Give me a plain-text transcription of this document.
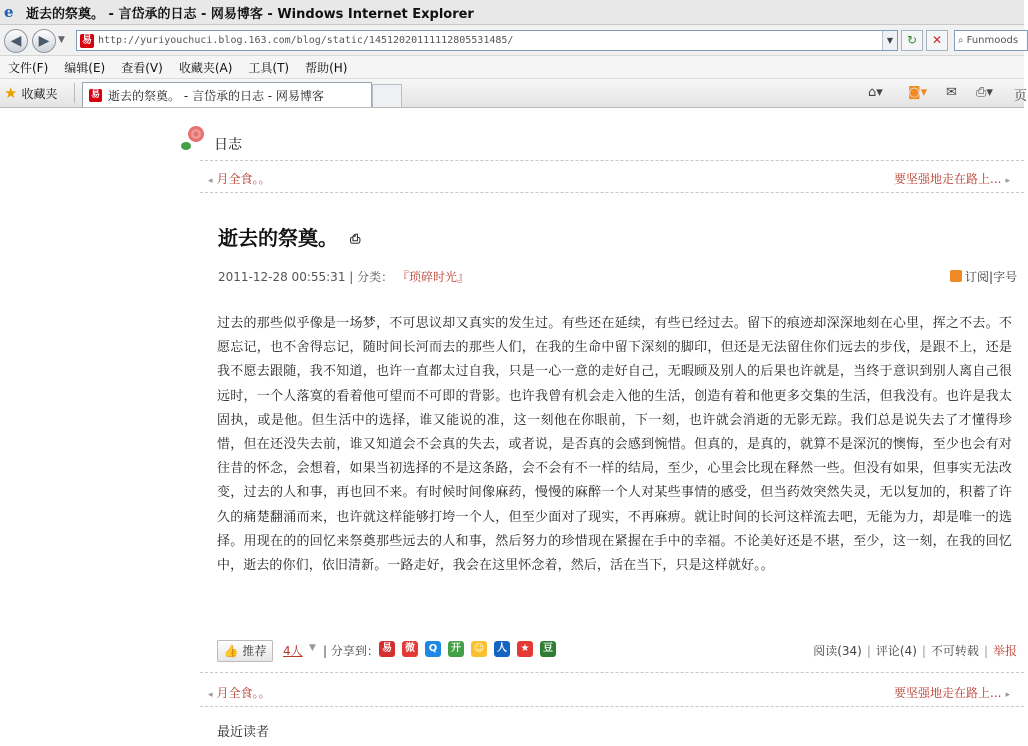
e 逝去的祭奠。 - 言岱承的日志 - 网易博客 - Windows Internet Explorer
◀	▶ ▼ 易 http://yuriyouchuci.blog.163.com/blog/static/145120201111128055314​85/	▼	↻	✕	⌕ Funmoods
文件(F) 编辑(E) 查看(V) 收藏夹(A) 工具(T) 帮助(H)
★ 收藏夹	易 逝去的祭奠。 - 言岱承的日志 - 网易博客	⌂▾ ◙▾ ✉ ⎙▾ 页
日志
◂ 月全食。。	要坚强地走在路上... ▸
逝去的祭奠。 ⎙
2011-12-28 00:55:31 | 分类： 『琐碎时光』	订阅|字号
过去的那些似乎像是一场梦，不可思议却又真实的发生过。有些还在延续，有些已经过去。留下的痕迹却深深地刻在心里，挥之不去。不愿忘记，也不舍得忘记，随时间长河而去的那些人们，在我的生命中留下深刻的脚印，但还是无法留住你们远去的步伐，是跟不上，还是我不愿去跟随，我不知道，也许一直都太过自我，只是一心一意的走好自己，无暇顾及别人的后果也许就是，当终于意识到别人离自己很远时，一个人落寞的看着他可望而不可即的背影。也许我曾有机会走入他的生活，创造有着和他更多交集的生活，但我没有。也许是我太固执，或是他。但生活中的选择，谁又能说的准，这一刻他在你眼前，下一刻，也许就会消逝的无影无踪。我们总是说失去了才懂得珍惜，但在还没失去前，谁又知道会不会真的失去，或者说，是否真的会感到惋惜。但真的，是真的，就算不是深沉的懊悔，至少也会有对往昔的怀念，会想着，如果当初选择的不是这条路，会不会有不一样的结局，至少，心里会比现在释然一些。但没有如果，但事实无法改变，过去的人和事，再也回不来。有时候时间像麻药，慢慢的麻醉一个人对某些事情的感受，但当药效突然失灵，无以复加的，积蓄了许久的痛楚翻涌而来，也许就这样能够打垮一个人，但至少面对了现实，不再麻痹。就让时间的长河这样流去吧，无能为力，却是唯一的选择。用现在的的回忆来祭奠那些远去的人和事，然后努力的珍惜现在紧握在手中的幸福。不论美好还是不堪，至少，这一刻，在我的回忆中，逝去的你们，依旧清新。一路走好，我会在这里怀念着，然后，活在当下，只是这样就好。。
👍 推荐	4人 ▼ | 分享到： 易	微	Q	开	☺	人	★	豆	阅读(34) | 评论(4) | 不可转载 | 举报
◂ 月全食。。	要坚强地走在路上... ▸
最近读者
